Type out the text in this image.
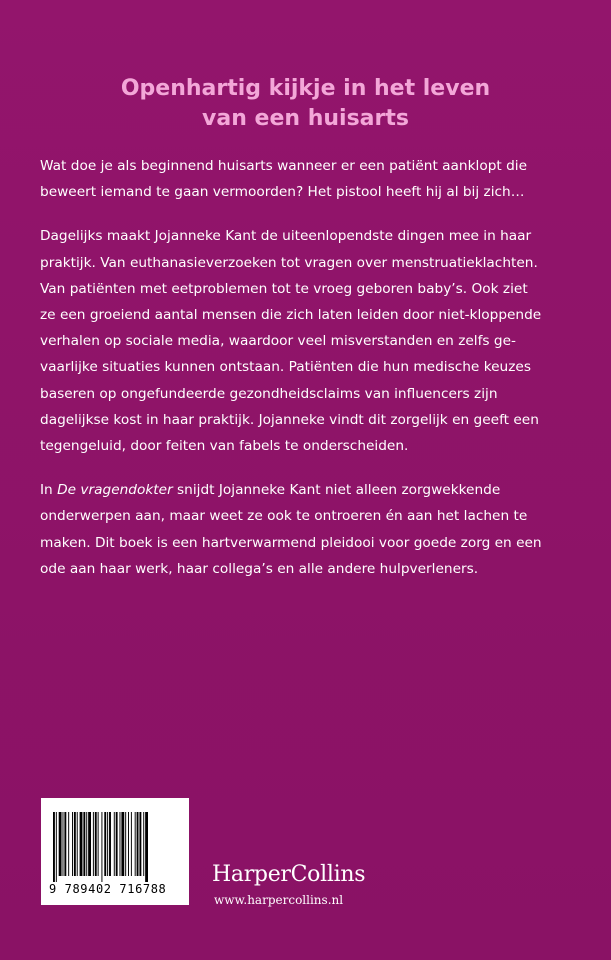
Openhartig kijkje in het leven
van een huisarts

Wat doe je als beginnend huisarts wanneer er een patiënt aanklopt die
beweert iemand te gaan vermoorden? Het pistool heeft hij al bij zich…

Dagelijks maakt Jojanneke Kant de uiteenlopendste dingen mee in haar
praktijk. Van euthanasieverzoeken tot vragen over menstruatieklachten.
Van patiënten met eetproblemen tot te vroeg geboren baby’s. Ook ziet
ze een groeiend aantal mensen die zich laten leiden door niet-kloppende
verhalen op sociale media, waardoor veel misverstanden en zelfs ge-
vaarlijke situaties kunnen ontstaan. Patiënten die hun medische keuzes
baseren op ongefundeerde gezondheidsclaims van influencers zijn
dagelijkse kost in haar praktijk. Jojanneke vindt dit zorgelijk en geeft een
tegengeluid, door feiten van fabels te onderscheiden.

In De vragendokter snijdt Jojanneke Kant niet alleen zorgwekkende
onderwerpen aan, maar weet ze ook te ontroeren én aan het lachen te
maken. Dit boek is een hartverwarmend pleidooi voor goede zorg en een
ode aan haar werk, haar collega’s en alle andere hulpverleners.

9 789402 716788
HarperCollins
www.harpercollins.nl
